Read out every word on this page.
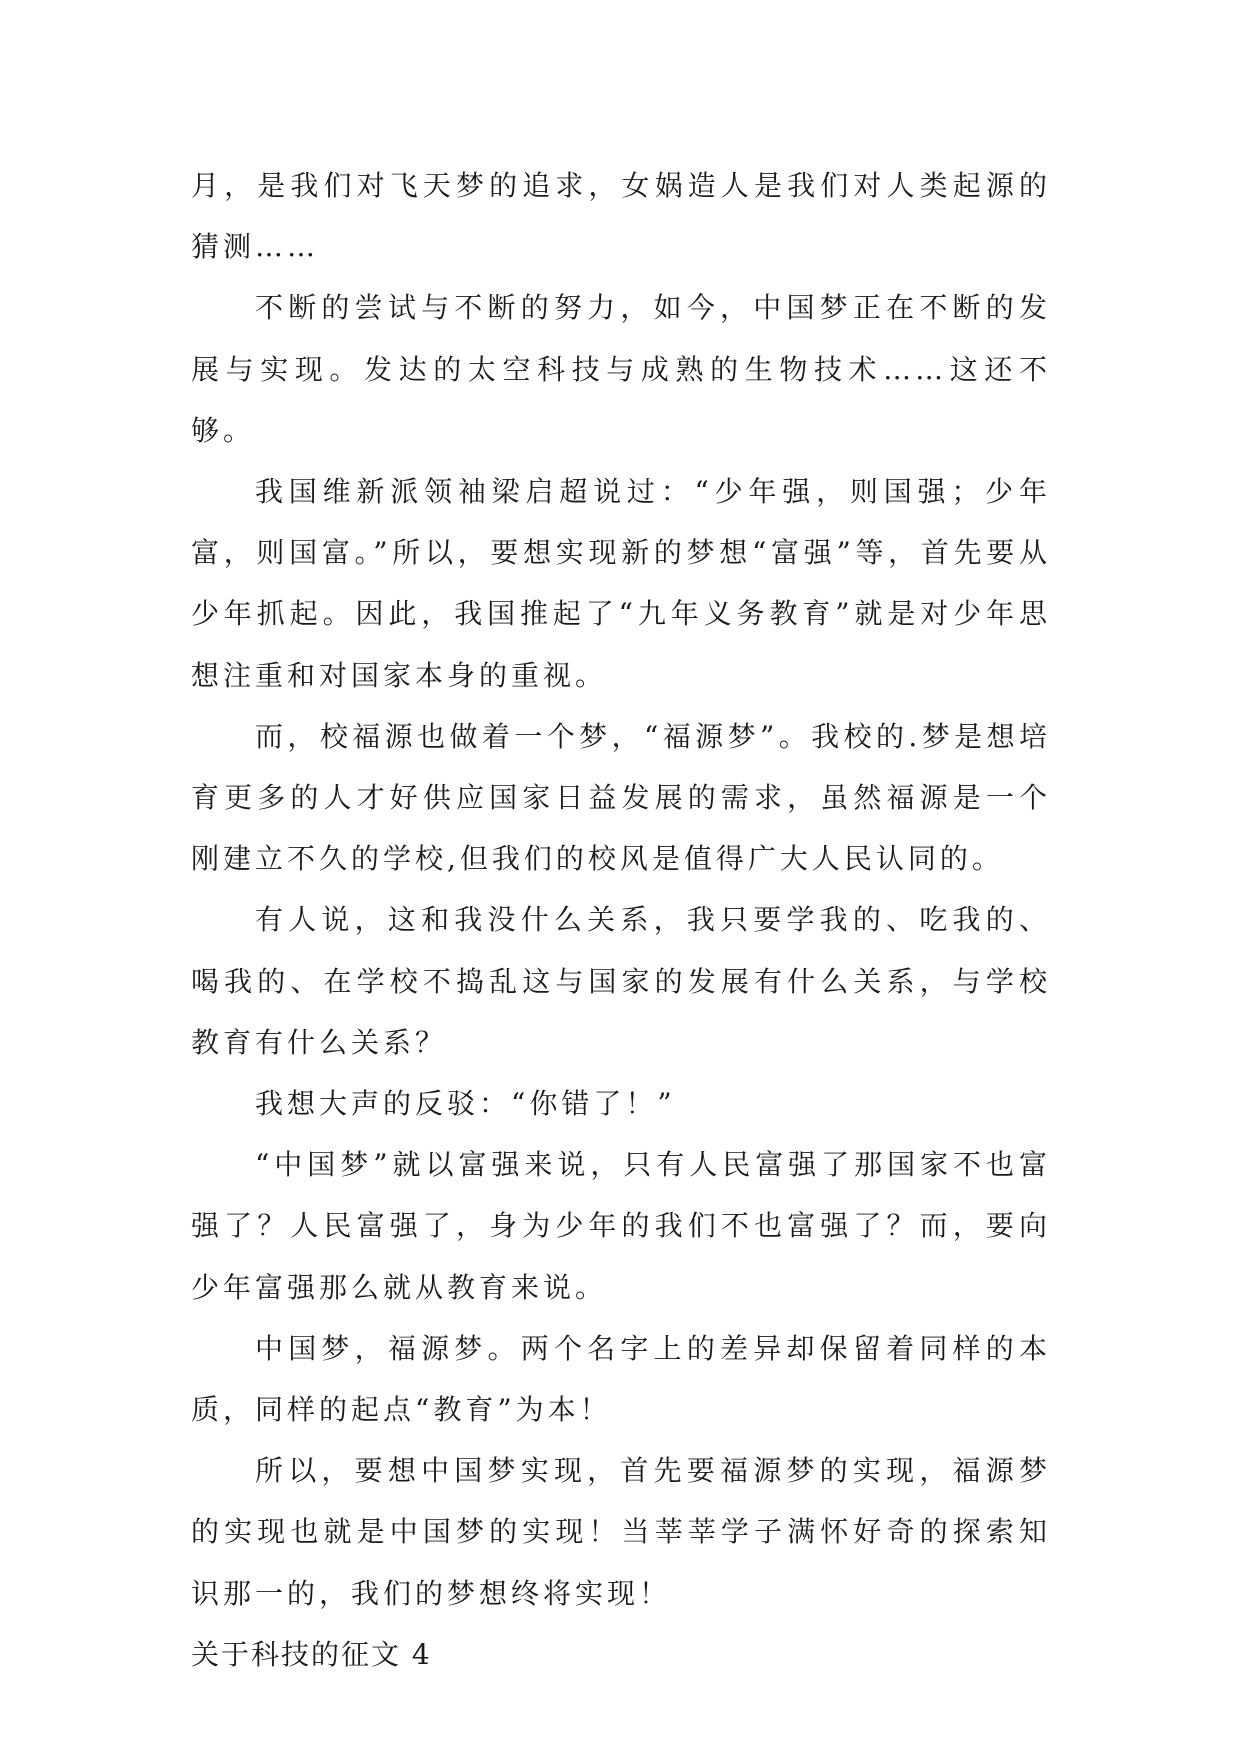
月，是我们对飞天梦的追求，女娲造人是我们对人类起源的猜测……

不断的尝试与不断的努力，如今，中国梦正在不断的发展与实现。发达的太空科技与成熟的生物技术……这还不够。

我国维新派领袖梁启超说过：“少年强，则国强；少年富，则国富。”所以，要想实现新的梦想“富强”等，首先要从少年抓起。因此，我国推起了“九年义务教育”就是对少年思想注重和对国家本身的重视。

而，校福源也做着一个梦，“福源梦”。我校的.梦是想培育更多的人才好供应国家日益发展的需求，虽然福源是一个刚建立不久的学校,但我们的校风是值得广大人民认同的。

有人说，这和我没什么关系，我只要学我的、吃我的、喝我的、在学校不捣乱这与国家的发展有什么关系，与学校教育有什么关系？

我想大声的反驳：“你错了！”

“中国梦”就以富强来说，只有人民富强了那国家不也富强了？人民富强了，身为少年的我们不也富强了？而，要向少年富强那么就从教育来说。

中国梦，福源梦。两个名字上的差异却保留着同样的本质，同样的起点“教育”为本！

所以，要想中国梦实现，首先要福源梦的实现，福源梦的实现也就是中国梦的实现！当莘莘学子满怀好奇的探索知识那一的，我们的梦想终将实现！

关于科技的征文 4
